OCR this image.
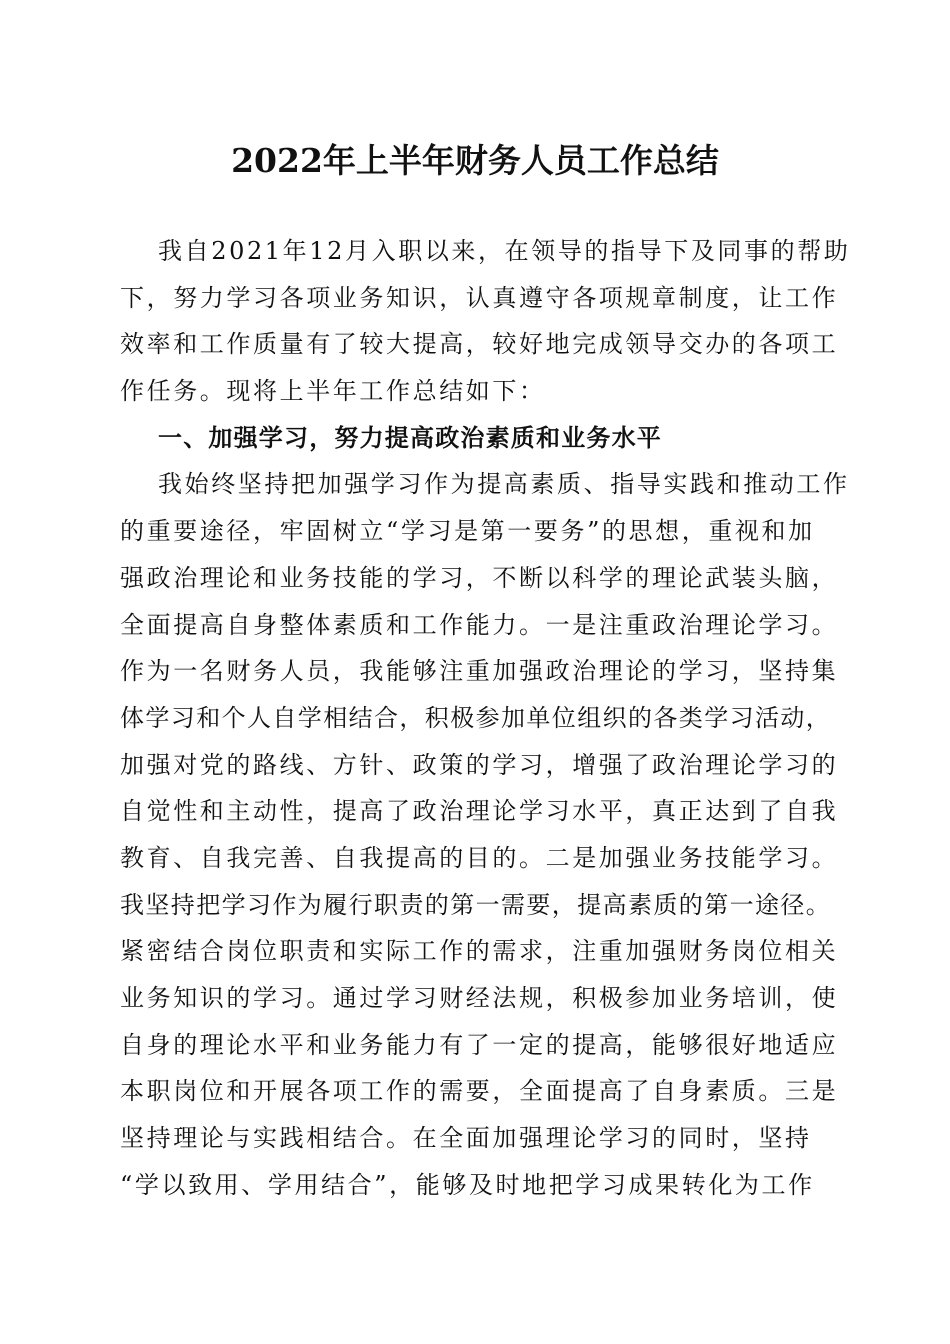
2022年上半年财务人员工作总结

我自2021年12月入职以来，在领导的指导下及同事的帮助

下，努力学习各项业务知识，认真遵守各项规章制度，让工作

效率和工作质量有了较大提高，较好地完成领导交办的各项工

作任务。现将上半年工作总结如下：

一、加强学习，努力提高政治素质和业务水平

我始终坚持把加强学习作为提高素质、指导实践和推动工作

的重要途径，牢固树立“学习是第一要务”的思想，重视和加

强政治理论和业务技能的学习，不断以科学的理论武装头脑，

全面提高自身整体素质和工作能力。一是注重政治理论学习。

作为一名财务人员，我能够注重加强政治理论的学习，坚持集

体学习和个人自学相结合，积极参加单位组织的各类学习活动，

加强对党的路线、方针、政策的学习，增强了政治理论学习的

自觉性和主动性，提高了政治理论学习水平，真正达到了自我

教育、自我完善、自我提高的目的。二是加强业务技能学习。

我坚持把学习作为履行职责的第一需要，提高素质的第一途径。

紧密结合岗位职责和实际工作的需求，注重加强财务岗位相关

业务知识的学习。通过学习财经法规，积极参加业务培训，使

自身的理论水平和业务能力有了一定的提高，能够很好地适应

本职岗位和开展各项工作的需要，全面提高了自身素质。三是

坚持理论与实践相结合。在全面加强理论学习的同时，坚持

“学以致用、学用结合”，能够及时地把学习成果转化为工作
